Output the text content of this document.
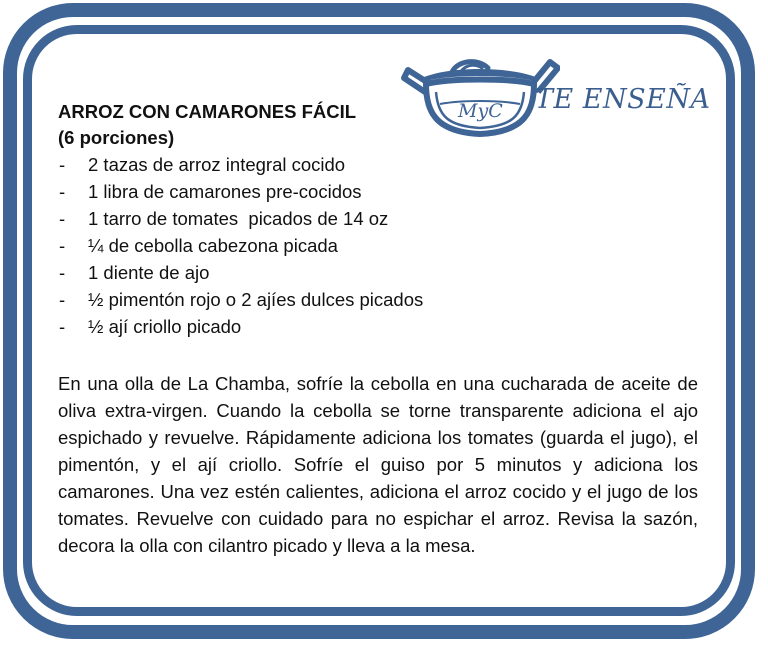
MyC TE ENSEÑA
ARROZ CON CAMARONES FÁCIL
(6 porciones)
- 2 tazas de arroz integral cocido
- 1 libra de camarones pre-cocidos
- 1 tarro de tomates  picados de 14 oz
- ¼ de cebolla cabezona picada
- 1 diente de ajo
- ½ pimentón rojo o 2 ajíes dulces picados
- ½ ají criollo picado

En una olla de La Chamba, sofríe la cebolla en una cucharada de aceite de oliva extra-virgen. Cuando la cebolla se torne transparente adiciona el ajo espichado y revuelve. Rápidamente adiciona los tomates (guarda el jugo), el pimentón, y el ají criollo. Sofríe el guiso por 5 minutos y adiciona los camarones. Una vez estén calientes, adiciona el arroz cocido y el jugo de los tomates. Revuelve con cuidado para no espichar el arroz. Revisa la sazón, decora la olla con cilantro picado y lleva a la mesa.
